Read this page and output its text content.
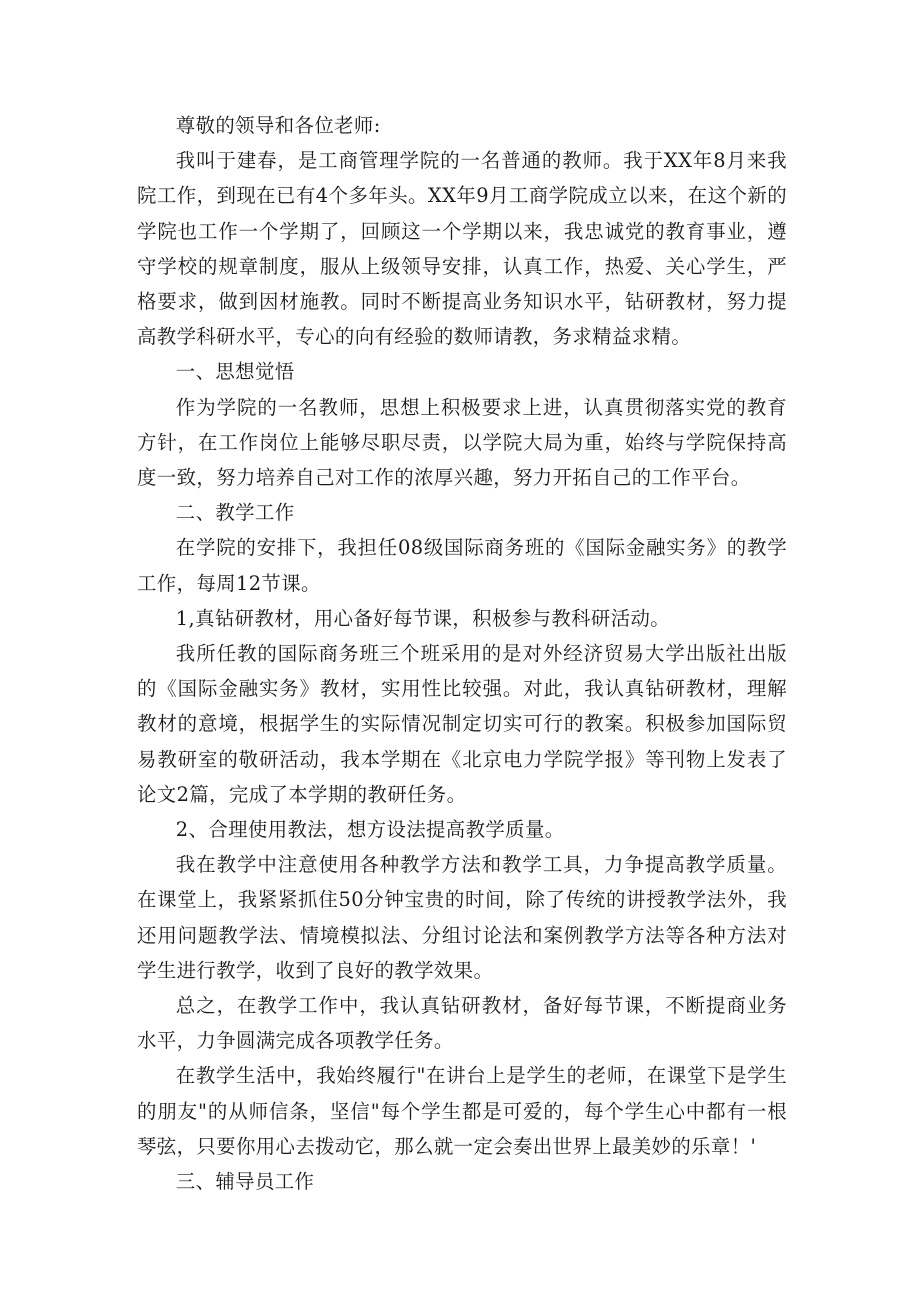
尊敬的领导和各位老师:

我叫于建春，是工商管理学院的一名普通的教师。我于XX年8月来我院工作，到现在已有4个多年头。XX年9月工商学院成立以来，在这个新的学院也工作一个学期了，回顾这一个学期以来，我忠诚党的教育事业，遵守学校的规章制度，服从上级领导安排，认真工作，热爱、关心学生，严格要求，做到因材施教。同时不断提高业务知识水平，钻研教材，努力提高教学科研水平，专心的向有经验的数师请教，务求精益求精。

一、思想觉悟

作为学院的一名教师，思想上积极要求上进，认真贯彻落实党的教育方针，在工作岗位上能够尽职尽责，以学院大局为重，始终与学院保持高度一致，努力培养自己对工作的浓厚兴趣，努力开拓自己的工作平台。

二、教学工作

在学院的安排下，我担任08级国际商务班的《国际金融实务》的教学工作，每周12节课。

1,真钻研教材，用心备好每节课，积极参与教科研活动。

我所任教的国际商务班三个班采用的是对外经济贸易大学出版社出版的《国际金融实务》教材，实用性比较强。对此，我认真钻研教材，理解教材的意境，根据学生的实际情况制定切实可行的教案。积极参加国际贸易教研室的敬研活动，我本学期在《北京电力学院学报》等刊物上发表了论文2篇，完成了本学期的教研任务。

2、合理使用教法，想方设法提高教学质量。

我在教学中注意使用各种教学方法和教学工具，力争提高教学质量。在课堂上，我紧紧抓住50分钟宝贵的时间，除了传统的讲授教学法外，我还用问题教学法、情境模拟法、分组讨论法和案例教学方法等各种方法对学生进行教学，收到了良好的教学效果。

总之，在教学工作中，我认真钻研教材，备好每节课，不断提商业务水平，力争圆满完成各项教学任务。

在教学生活中，我始终履行"在讲台上是学生的老师，在课堂下是学生的朋友"的从师信条，坚信"每个学生都是可爱的，每个学生心中都有一根琴弦，只要你用心去拨动它，那么就一定会奏出世界上最美妙的乐章！'

三、辅导员工作
